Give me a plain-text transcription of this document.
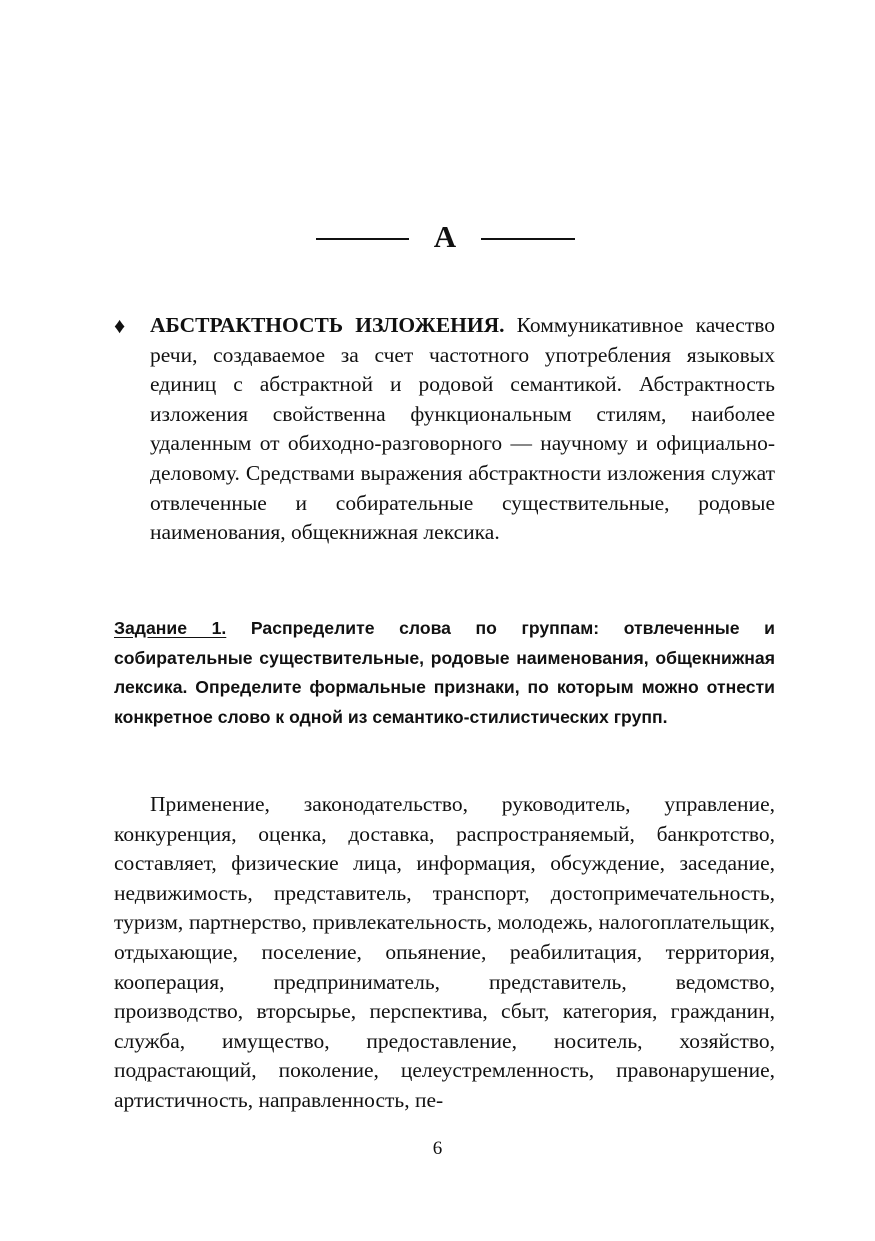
А
♦ АБСТРАКТНОСТЬ ИЗЛОЖЕНИЯ. Коммуникативное качество речи, создаваемое за счет частотного употребления языковых единиц с абстрактной и родовой семантикой. Абстрактность изложения свойственна функциональным стилям, наиболее удаленным от обиходно-разговорного — научному и официально-деловому. Средствами выражения абстрактности изложения служат отвлеченные и собирательные существительные, родовые наименования, общекнижная лексика.
Задание 1. Распределите слова по группам: отвлеченные и собирательные существительные, родовые наименования, общекнижная лексика. Определите формальные признаки, по которым можно отнести конкретное слово к одной из семантико-стилистических групп.
Применение, законодательство, руководитель, управление, конкуренция, оценка, доставка, распространяемый, банкротство, составляет, физические лица, информация, обсуждение, заседание, недвижимость, представитель, транспорт, достопримечательность, туризм, партнерство, привлекательность, молодежь, налогоплательщик, отдыхающие, поселение, опьянение, реабилитация, территория, кооперация, предприниматель, представитель, ведомство, производство, вторсырье, перспектива, сбыт, категория, гражданин, служба, имущество, предоставление, носитель, хозяйство, подрастающий, поколение, целеустремленность, правонарушение, артистичность, направленность, пе-
6
